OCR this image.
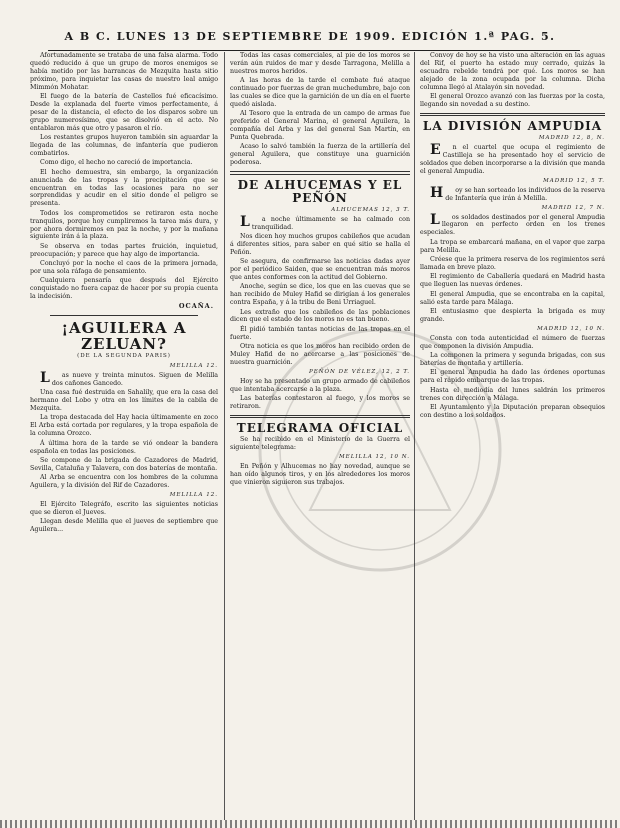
A B C. LUNES 13 DE SEPTIEMBRE DE 1909. EDICIÓN 1.ª PAG. 5.

Afortunadamente se trataba de una falsa alarma. Todo quedó reducido á que un grupo de moros enemigos se había metido por las barrancas de Mezquita hasta sitio próximo, para inquietar las casas de nuestro leal amigo Mimmón Mohatar.

El fuego de la batería de Castellos fué eficacísimo. Desde la explanada del fuerte vimos perfectamente, á pesar de la distancia, el efecto de los disparos sobre un grupo numerosísimo, que se disolvió en el acto. No entablaron más que otro y pasaron el río.

Los restantes grupos huyeron también sin aguardar la llegada de las columnas, de infantería que pudieron combatirlos.

Como digo, el hecho no careció de importancia.

El hecho demuestra, sin embargo, la organización anunciada de las tropas y la precipitación que se encuentran en todas las ocasiones para no ser sorprendidas y acudir en el sitio donde el peligro se presenta.

Todos los comprometidos se retiraron esta noche tranquilos, porque hoy cumpliremos la tarea más dura, y por ahora dormiremos en paz la noche, y por la mañana siguiente irán á la plaza.

Se observa en todas partes fruición, inquietud, preocupación; y parece que hay algo de importancia.

Concluyó por la noche el caos de la primera jornada, por una sola ráfaga de pensamiento.

Cualquiera pensaría que después del Ejército conquistado no fuera capaz de hacer por su propia cuenta la indecisión.

OCAÑA.
¡AGUILERA A ZELUAN?
(DE LA SEGUNDA PARIS)
MELILLA 12.

Las nueve y treinta minutos. Siguen de Melilla dos cañones Gancedo.

Una casa fué destruida en Sahalily, que era la casa del hermano del Lobo y otra en los límites de la cabila de Mezquita.

La tropa destacada del Hay hacia últimamente en zoco El Arba está cortada por regulares, y la tropa española de la columna Orozco.

Á última hora de la tarde se vió ondear la bandera española en todas las posiciones.

Se compone de la brigada de Cazadores de Madrid, Sevilla, Cataluña y Talavera, con dos baterías de montaña.

Al Arba se encuentra con los hombres de la columna Aguilera, y la división del Rif de Cazadores.

MELILLA 12.

El Ejército Telegráfo, escrito las siguientes noticias que se dieron el Jueves.

Llegan desde Melilla que el jueves de septiembre que Aguilera...

Todas las casas comerciales, al pie de los moros se verán aún ruidos de mar y desde Tarragona, Melilla a nuestros moros heridos.

A las horas de la tarde el combate fué ataque continuado por fuerzas de gran muchedumbre, bajo con las cuales se dice que la garnición de un día en el fuerte quedó aislada.

Al Tesoro que la entrada de un campo de armas fue preferido el General Marina, el general Aguilera, la compañía del Arba y las del general San Martín, en Punta Quebrada.

Acaso lo salvó también la fuerza de la artillería del general Aguilera, que constituye una guarnición poderosa.

DE ALHUCEMAS Y EL PEÑÓN
ALHUCEMAS 12, 3 T.

La noche últimamente se ha calmado con tranquilidad.

Nos dicen hoy muchos grupos cabileños que acudan á diferentes sitios, para saber en qué sitio se halla el Peñón.

Se asegura, de confirmarse las noticias dadas ayer por el periódico Saiden, que se encuentran más moros que antes conformes con la actitud del Gobierno.

Anoche, según se dice, los que en las cuevas que se han recibido de Muley Hafid se dirigían á los generales contra España, y á la tribu de Beni Urriaguel.

Les extraño que los cabileños de las poblaciones dicen que el estado de los moros no es tan bueno.

Él pidió también tantas noticias de las tropas en el fuerte.

Otra noticia es que los moros han recibido orden de Muley Hafid de no acercarse a las posiciones de nuestra guarnición.

PEÑÓN DE VÉLEZ, 12, 2 T.

Hoy se ha presentado un grupo armado de cabileños que intentaba acercarse a la plaza.

Las baterías contestaron al fuego, y los moros se retiraron.

TELEGRAMA OFICIAL

Se ha recibido en el Ministerio de la Guerra el siguiente telegrama:

MELILLA 12, 10 N.

En Peñón y Alhucemas no hay novedad, aunque se han oído algunos tiros, y en los alrededores los moros que vinieron siguieron sus trabajos.

Convoy de hoy se ha visto una alteración en las aguas del Rif, el puerto ha estado muy cerrado, quizás la escuadra rebelde tendrá por qué. Los moros se han alejado de la zona ocupada por la columna. Dicha columna llegó al Atalayón sin novedad.

El general Orozco avanzó con las fuerzas por la costa, llegando sin novedad a su destino.

LA DIVISIÓN AMPUDIA
MADRID 12, 8, N.

En el cuartel que ocupa el regimiento de Castilleja se ha presentado hoy el servicio de soldados que deben incorporarse a la división que manda el general Ampudia.

MADRID 12, 5 T.

Hoy se han sorteado los individuos de la reserva de Infantería que irán á Melilla.

MADRID 12, 7 N.

Los soldados destinados por el general Ampudia llegaron en perfecto orden en los trenes especiales.

La tropa se embarcará mañana, en el vapor que zarpa para Melilla.

Créese que la primera reserva de los regimientos será llamada en breve plazo.

El regimiento de Caballería quedará en Madrid hasta que lleguen las nuevas órdenes.

El general Ampudia, que se encontraba en la capital, salió esta tarde para Málaga.

El entusiasmo que despierta la brigada es muy grande.

MADRID 12, 10 N.

Consta con toda autenticidad el número de fuerzas que componen la división Ampudia.

La componen la primera y segunda brigadas, con sus baterías de montaña y artillería.

El general Ampudia ha dado las órdenes oportunas para el rápido embarque de las tropas.

Hasta el mediodía del lunes saldrán los primeros trenes con dirección a Málaga.

El Ayuntamiento y la Diputación preparan obsequios con destino a los soldados.
